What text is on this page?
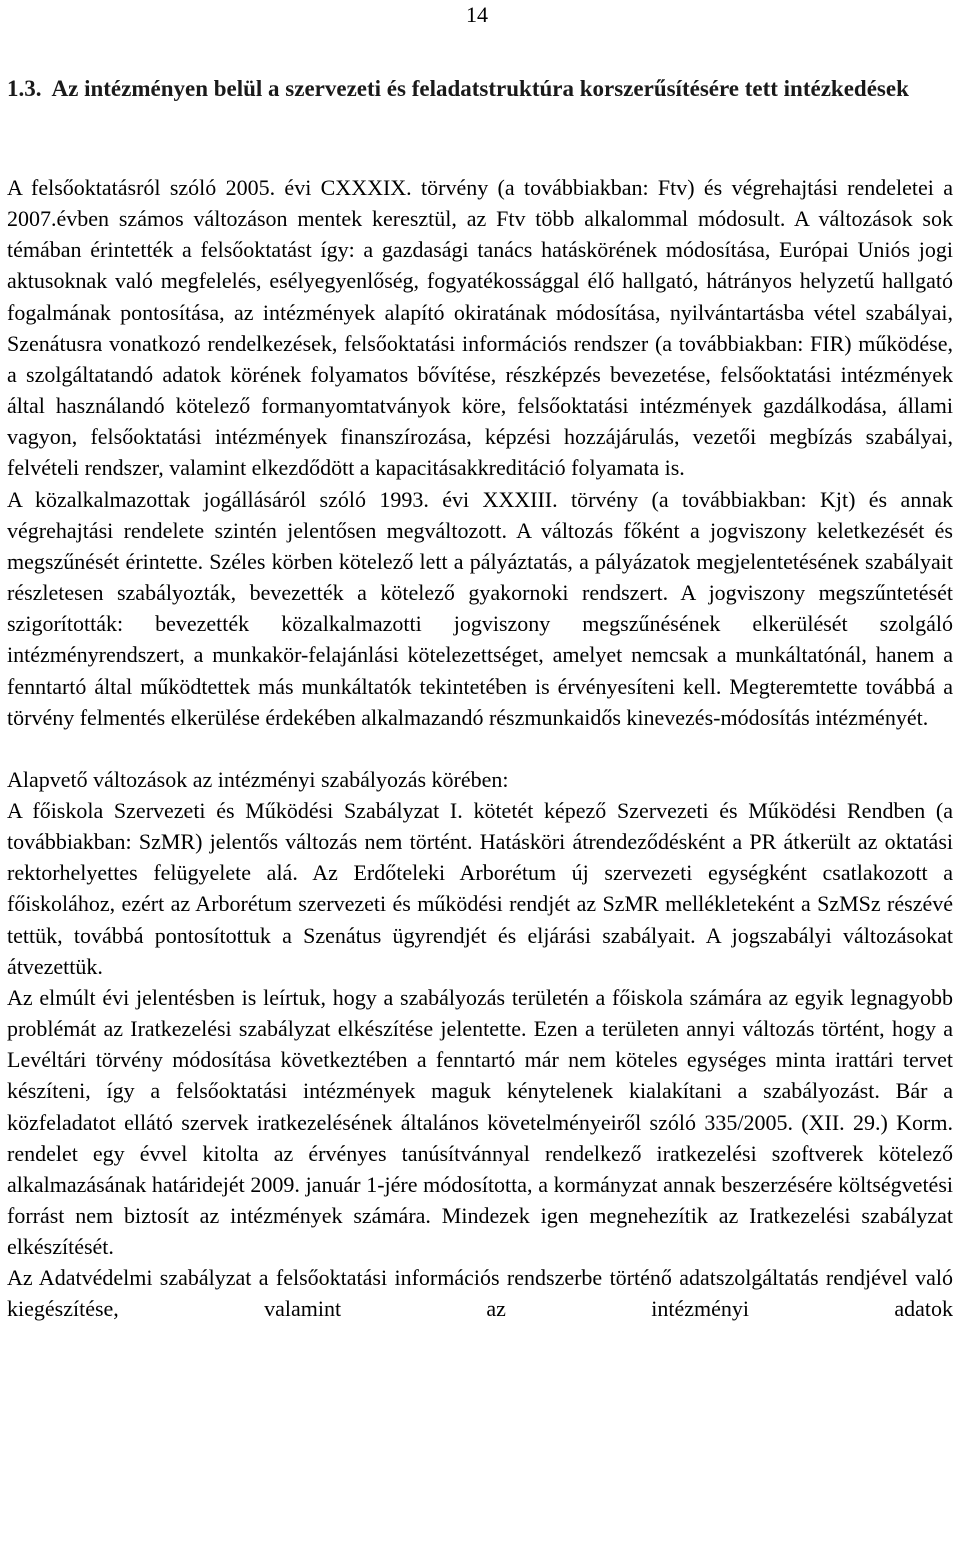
14
1.3. Az intézményen belül a szervezeti és feladatstruktúra korszerűsítésére tett intézkedések

A felsőoktatásról szóló 2005. évi CXXXIX. törvény (a továbbiakban: Ftv) és végrehajtási rendeletei a 2007.évben számos változáson mentek keresztül, az Ftv több alkalommal módosult. A változások sok témában érintették a felsőoktatást így: a gazdasági tanács hatáskörének módosítása, Európai Uniós jogi aktusoknak való megfelelés, esélyegyenlőség, fogyatékossággal élő hallgató, hátrányos helyzetű hallgató fogalmának pontosítása, az intézmények alapító okiratának módosítása, nyilvántartásba vétel szabályai, Szenátusra vonatkozó rendelkezések, felsőoktatási információs rendszer (a továbbiakban: FIR) működése, a szolgáltatandó adatok körének folyamatos bővítése, részképzés bevezetése, felsőoktatási intézmények által használandó kötelező formanyomtatványok köre, felsőoktatási intézmények gazdálkodása, állami vagyon, felsőoktatási intézmények finanszírozása, képzési hozzájárulás, vezetői megbízás szabályai, felvételi rendszer, valamint elkezdődött a kapacitásakkreditáció folyamata is.

A közalkalmazottak jogállásáról szóló 1993. évi XXXIII. törvény (a továbbiakban: Kjt) és annak végrehajtási rendelete szintén jelentősen megváltozott. A változás főként a jogviszony keletkezését és megszűnését érintette. Széles körben kötelező lett a pályáztatás, a pályázatok megjelentetésének szabályait részletesen szabályozták, bevezették a kötelező gyakornoki rendszert. A jogviszony megszűntetését szigorították: bevezették közalkalmazotti jogviszony megszűnésének elkerülését szolgáló intézményrendszert, a munkakör-felajánlási kötelezettséget, amelyet nemcsak a munkáltatónál, hanem a fenntartó által működtettek más munkáltatók tekintetében is érvényesíteni kell. Megteremtette továbbá a törvény felmentés elkerülése érdekében alkalmazandó részmunkaidős kinevezés-módosítás intézményét.

Alapvető változások az intézményi szabályozás körében:

A főiskola Szervezeti és Működési Szabályzat I. kötetét képező Szervezeti és Működési Rendben (a továbbiakban: SzMR) jelentős változás nem történt. Hatásköri átrendeződésként a PR átkerült az oktatási rektorhelyettes felügyelete alá. Az Erdőteleki Arborétum új szervezeti egységként csatlakozott a főiskolához, ezért az Arborétum szervezeti és működési rendjét az SzMR mellékleteként a SzMSz részévé tettük, továbbá pontosítottuk a Szenátus ügyrendjét és eljárási szabályait. A jogszabályi változásokat átvezettük.

Az elmúlt évi jelentésben is leírtuk, hogy a szabályozás területén a főiskola számára az egyik legnagyobb problémát az Iratkezelési szabályzat elkészítése jelentette. Ezen a területen annyi változás történt, hogy a Levéltári törvény módosítása következtében a fenntartó már nem köteles egységes minta irattári tervet készíteni, így a felsőoktatási intézmények maguk kénytelenek kialakítani a szabályozást. Bár a közfeladatot ellátó szervek iratkezelésének általános követelményeiről szóló 335/2005. (XII. 29.) Korm. rendelet egy évvel kitolta az érvényes tanúsítvánnyal rendelkező iratkezelési szoftverek kötelező alkalmazásának határidejét 2009. január 1-jére módosította, a kormányzat annak beszerzésére költségvetési forrást nem biztosít az intézmények számára. Mindezek igen megnehezítik az Iratkezelési szabályzat elkészítését.

Az Adatvédelmi szabályzat a felsőoktatási információs rendszerbe történő adatszolgáltatás rendjével való kiegészítése, valamint az intézményi adatok
